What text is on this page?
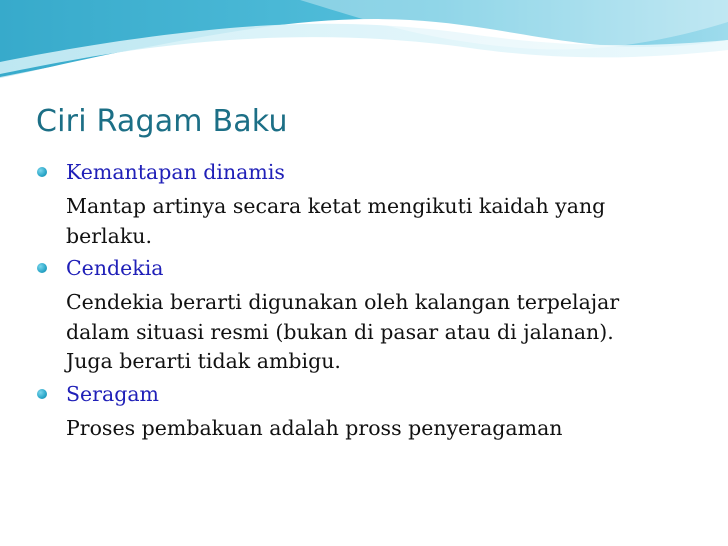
Ciri Ragam Baku
Kemantapan dinamis
Mantap artinya secara ketat mengikuti kaidah yang
berlaku.
Cendekia
Cendekia berarti digunakan oleh kalangan terpelajar
dalam situasi resmi (bukan di pasar atau di jalanan).
Juga berarti tidak ambigu.
Seragam
Proses pembakuan adalah pross penyeragaman
